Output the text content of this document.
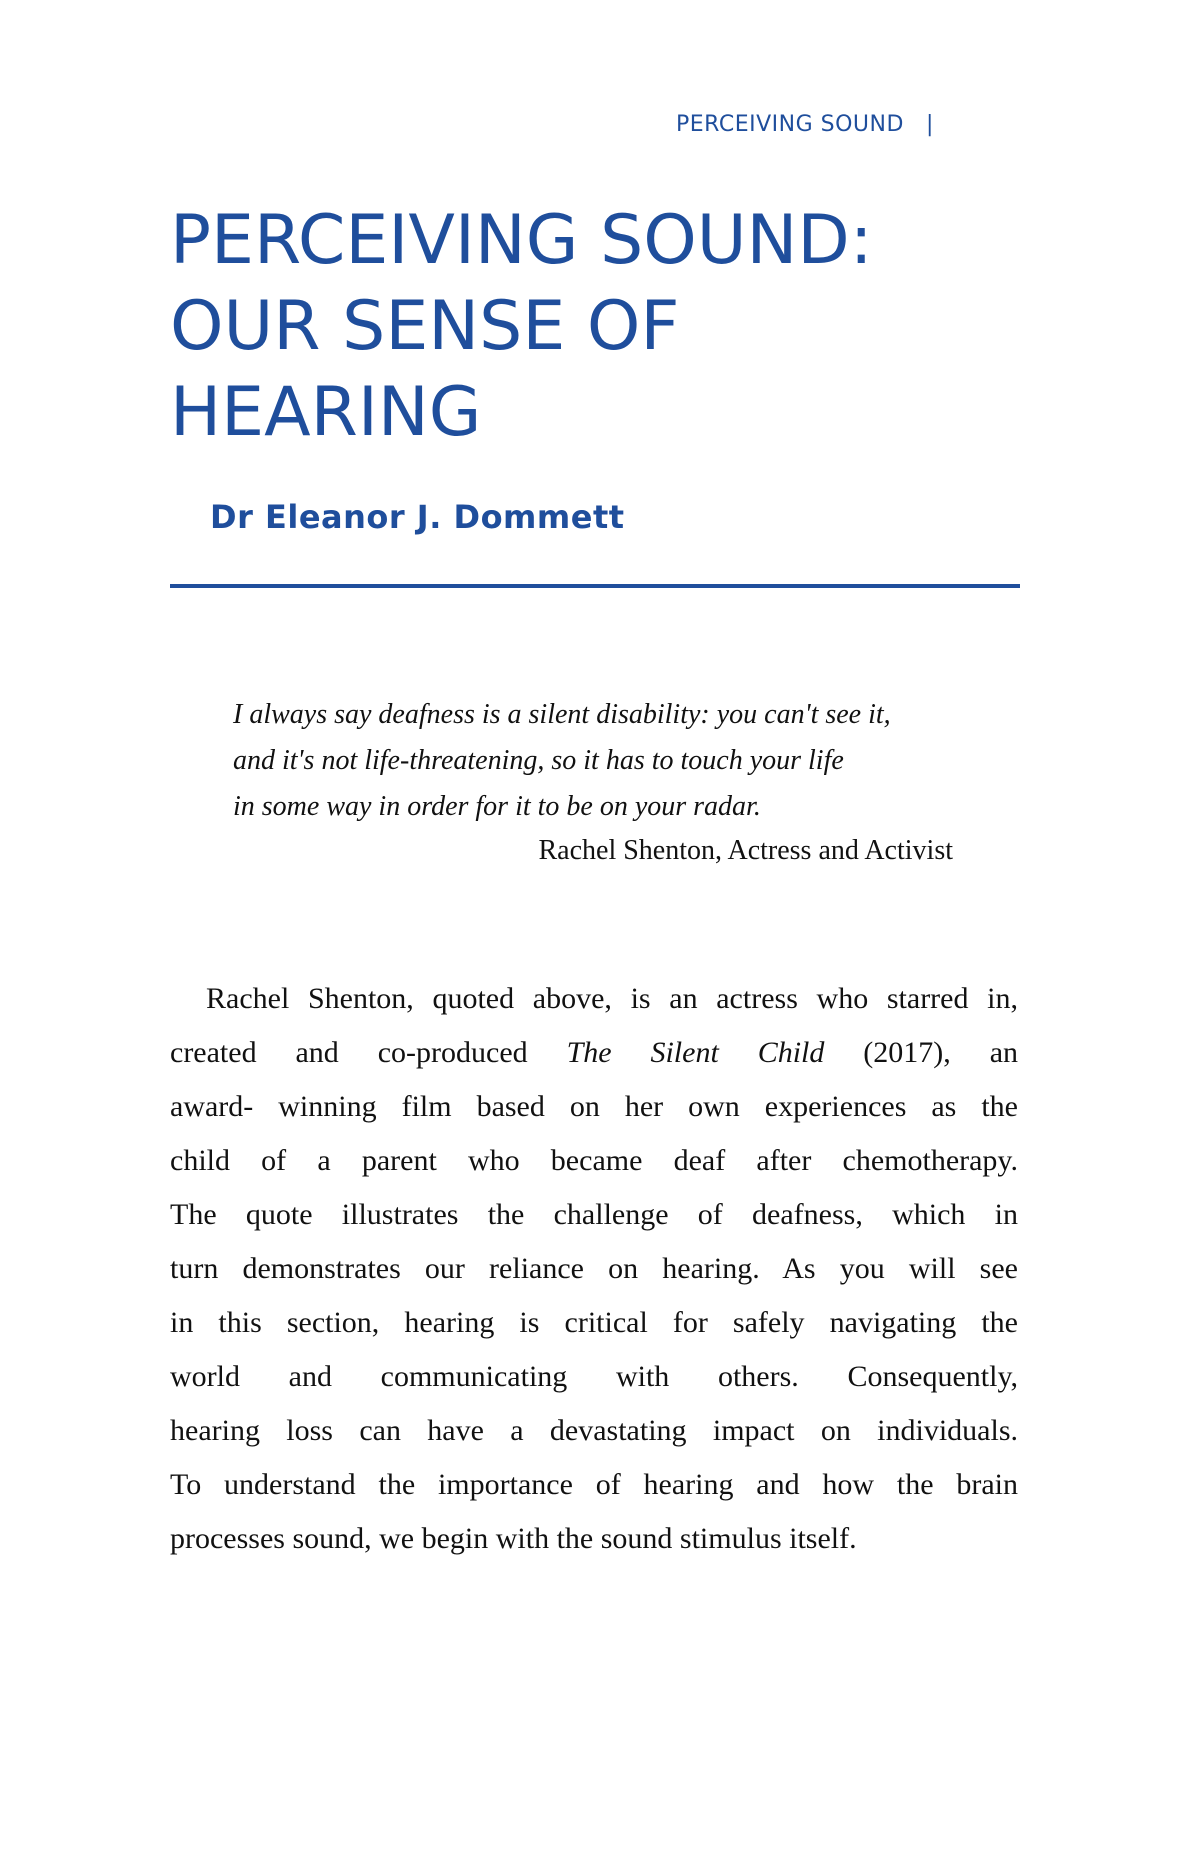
PERCEIVING SOUND |
PERCEIVING SOUND:
OUR SENSE OF
HEARING
Dr Eleanor J. Dommett
I always say deafness is a silent disability: you can't see it,
and it's not life-threatening, so it has to touch your life
in some way in order for it to be on your radar.
Rachel Shenton, Actress and Activist
Rachel Shenton, quoted above, is an actress who starred in,
created and co-produced The Silent Child (2017), an
award- winning film based on her own experiences as the
child of a parent who became deaf after chemotherapy.
The quote illustrates the challenge of deafness, which in
turn demonstrates our reliance on hearing. As you will see
in this section, hearing is critical for safely navigating the
world and communicating with others. Consequently,
hearing loss can have a devastating impact on individuals.
To understand the importance of hearing and how the brain
processes sound, we begin with the sound stimulus itself.
